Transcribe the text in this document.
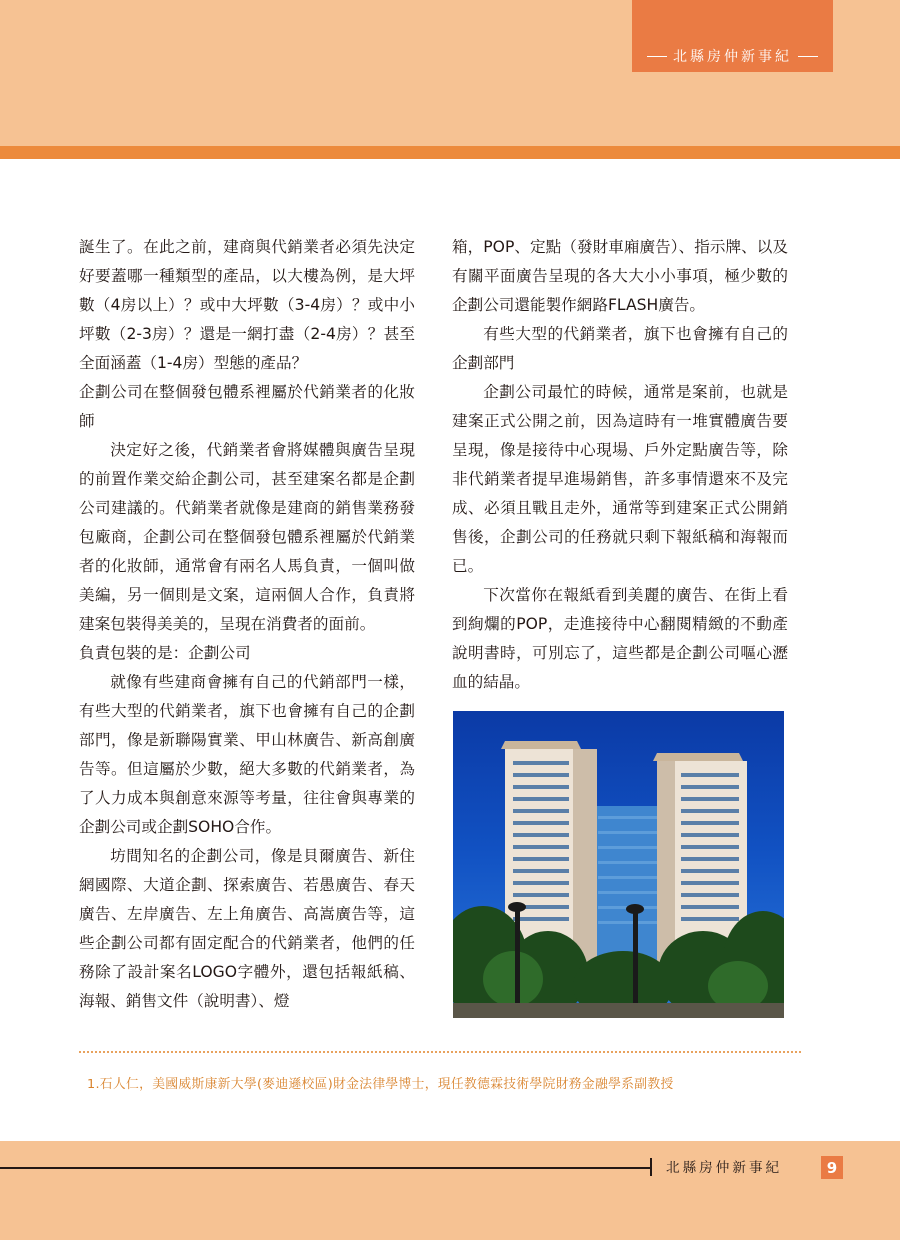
北縣房仲新事紀

誕生了。在此之前，建商與代銷業者必須先決定好要蓋哪一種類型的產品，以大樓為例，是大坪數（4房以上）？或中大坪數（3-4房）？或中小坪數（2-3房）？還是一網打盡（2-4房）？甚至全面涵蓋（1-4房）型態的產品？

企劃公司在整個發包體系裡屬於代銷業者的化妝師

決定好之後，代銷業者會將媒體與廣告呈現的前置作業交給企劃公司，甚至建案名都是企劃公司建議的。代銷業者就像是建商的銷售業務發包廠商，企劃公司在整個發包體系裡屬於代銷業者的化妝師，通常會有兩名人馬負責，一個叫做美編，另一個則是文案，這兩個人合作，負責將建案包裝得美美的，呈現在消費者的面前。

負責包裝的是：企劃公司

就像有些建商會擁有自己的代銷部門一樣，有些大型的代銷業者，旗下也會擁有自己的企劃部門，像是新聯陽實業、甲山林廣告、新高創廣告等。但這屬於少數，絕大多數的代銷業者，為了人力成本與創意來源等考量，往往會與專業的企劃公司或企劃SOHO合作。

坊間知名的企劃公司，像是貝爾廣告、新住網國際、大道企劃、探索廣告、若愚廣告、春天廣告、左岸廣告、左上角廣告、高嵩廣告等，這些企劃公司都有固定配合的代銷業者，他們的任務除了設計案名LOGO字體外，還包括報紙稿、海報、銷售文件（說明書）、燈

箱，POP、定點（發財車廂廣告）、指示牌、以及有關平面廣告呈現的各大大小小事項，極少數的企劃公司還能製作網路FLASH廣告。

有些大型的代銷業者，旗下也會擁有自己的企劃部門

企劃公司最忙的時候，通常是案前，也就是建案正式公開之前，因為這時有一堆實體廣告要呈現，像是接待中心現場、戶外定點廣告等，除非代銷業者提早進場銷售，許多事情還來不及完成、必須且戰且走外，通常等到建案正式公開銷售後，企劃公司的任務就只剩下報紙稿和海報而已。

下次當你在報紙看到美麗的廣告、在街上看到絢爛的POP，走進接待中心翻閱精緻的不動產說明書時，可別忘了，這些都是企劃公司嘔心瀝血的結晶。

1.石人仁，美國威斯康新大學(麥迪遜校區)財金法律學博士，現任教德霖技術學院財務金融學系副教授
北縣房仲新事紀	9
